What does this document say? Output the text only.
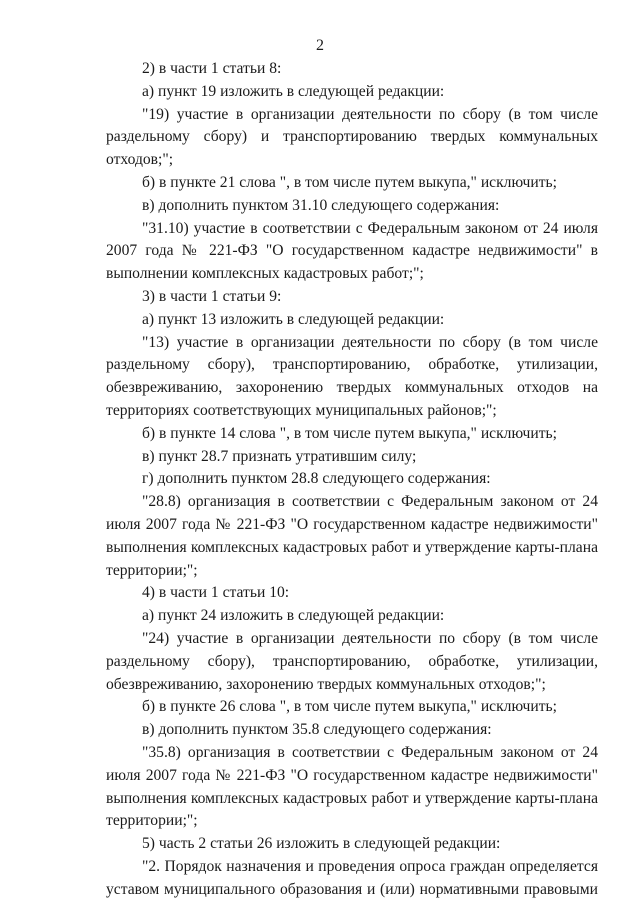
2

2) в части 1 статьи 8:

а) пункт 19 изложить в следующей редакции:

"19) участие в организации деятельности по сбору (в том числе раздельному сбору) и транспортированию твердых коммунальных отходов;";

б) в пункте 21 слова ", в том числе путем выкупа," исключить;

в) дополнить пунктом 31.10 следующего содержания:

"31.10) участие в соответствии с Федеральным законом от 24 июля 2007 года № 221-ФЗ "О государственном кадастре недвижимости" в выполнении комплексных кадастровых работ;";

3) в части 1 статьи 9:

а) пункт 13 изложить в следующей редакции:

"13) участие в организации деятельности по сбору (в том числе раздельному сбору), транспортированию, обработке, утилизации, обезвреживанию, захоронению твердых коммунальных отходов на территориях соответствующих муниципальных районов;";

б) в пункте 14 слова ", в том числе путем выкупа," исключить;

в) пункт 28.7 признать утратившим силу;

г) дополнить пунктом 28.8 следующего содержания:

"28.8) организация в соответствии с Федеральным законом от 24 июля 2007 года № 221-ФЗ "О государственном кадастре недвижимости" выполнения комплексных кадастровых работ и утверждение карты-плана территории;";

4) в части 1 статьи 10:

а) пункт 24 изложить в следующей редакции:

"24) участие в организации деятельности по сбору (в том числе раздельному сбору), транспортированию, обработке, утилизации, обезвреживанию, захоронению твердых коммунальных отходов;";

б) в пункте 26 слова ", в том числе путем выкупа," исключить;

в) дополнить пунктом 35.8 следующего содержания:

"35.8) организация в соответствии с Федеральным законом от 24 июля 2007 года № 221-ФЗ "О государственном кадастре недвижимости" выполнения комплексных кадастровых работ и утверждение карты-плана территории;";

5) часть 2 статьи 26 изложить в следующей редакции:

"2. Порядок назначения и проведения опроса граждан определяется уставом муниципального образования и (или) нормативными правовыми
